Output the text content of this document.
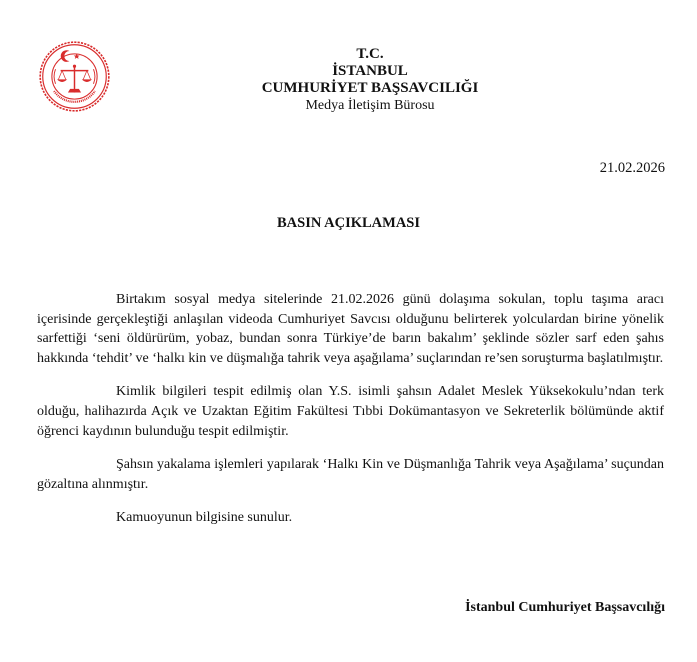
T.C.
İSTANBUL
CUMHURİYET BAŞSAVCILIĞI
Medya İletişim Bürosu
21.02.2026
BASIN AÇIKLAMASI

Birtakım sosyal medya sitelerinde 21.02.2026 günü dolaşıma sokulan, toplu taşıma aracı içerisinde gerçekleştiği anlaşılan videoda Cumhuriyet Savcısı olduğunu belirterek yolculardan birine yönelik sarfettiği ‘seni öldürürüm, yobaz, bundan sonra Türkiye’de barın bakalım’ şeklinde sözler sarf eden şahıs hakkında ‘tehdit’ ve ‘halkı kin ve düşmalığa tahrik veya aşağılama’ suçlarından re’sen soruşturma başlatılmıştır.

Kimlik bilgileri tespit edilmiş olan Y.S. isimli şahsın Adalet Meslek Yüksekokulu’ndan terk olduğu, halihazırda Açık ve Uzaktan Eğitim Fakültesi Tıbbi Dokümantasyon ve Sekreterlik bölümünde aktif öğrenci kaydının bulunduğu tespit edilmiştir.

Şahsın yakalama işlemleri yapılarak ‘Halkı Kin ve Düşmanlığa Tahrik veya Aşağılama’ suçundan gözaltına alınmıştır.

Kamuoyunun bilgisine sunulur.

İstanbul Cumhuriyet Başsavcılığı
